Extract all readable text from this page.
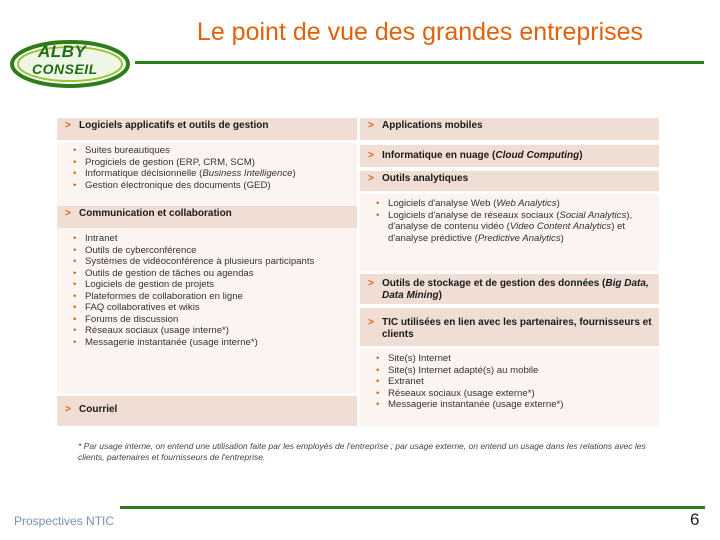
Le point de vue des grandes entreprises
ALBY
CONSEIL
> Logiciels applicatifs et outils de gestion
• Suites bureautiques
• Progiciels de gestion (ERP, CRM, SCM)
• Informatique décisionnelle (Business Intelligence)
• Gestion électronique des documents (GED)
> Communication et collaboration
• Intranet
• Outils de cyberconférence
• Systèmes de vidéoconférence à plusieurs participants
• Outils de gestion de tâches ou agendas
• Logiciels de gestion de projets
• Plateformes de collaboration en ligne
• FAQ collaboratives et wikis
• Forums de discussion
• Réseaux sociaux (usage interne*)
• Messagerie instantanée (usage interne*)
> Courriel
> Applications mobiles
> Informatique en nuage (Cloud Computing)
> Outils analytiques
• Logiciels d'analyse Web (Web Analytics)
• Logiciels d'analyse de réseaux sociaux (Social Analytics), d'analyse de contenu vidéo (Video Content Analytics) et d'analyse prédictive (Predictive Analytics)
> Outils de stockage et de gestion des données (Big Data, Data Mining)
> TIC utilisées en lien avec les partenaires, fournisseurs et clients
• Site(s) Internet
• Site(s) Internet adapté(s) au mobile
• Extranet
• Réseaux sociaux (usage externe*)
• Messagerie instantanée (usage externe*)
* Par usage interne, on entend une utilisation faite par les employés de l'entreprise ; par usage externe, on entend un usage dans les relations avec les clients, partenaires et fournisseurs de l'entreprise.
Prospectives NTIC	6
